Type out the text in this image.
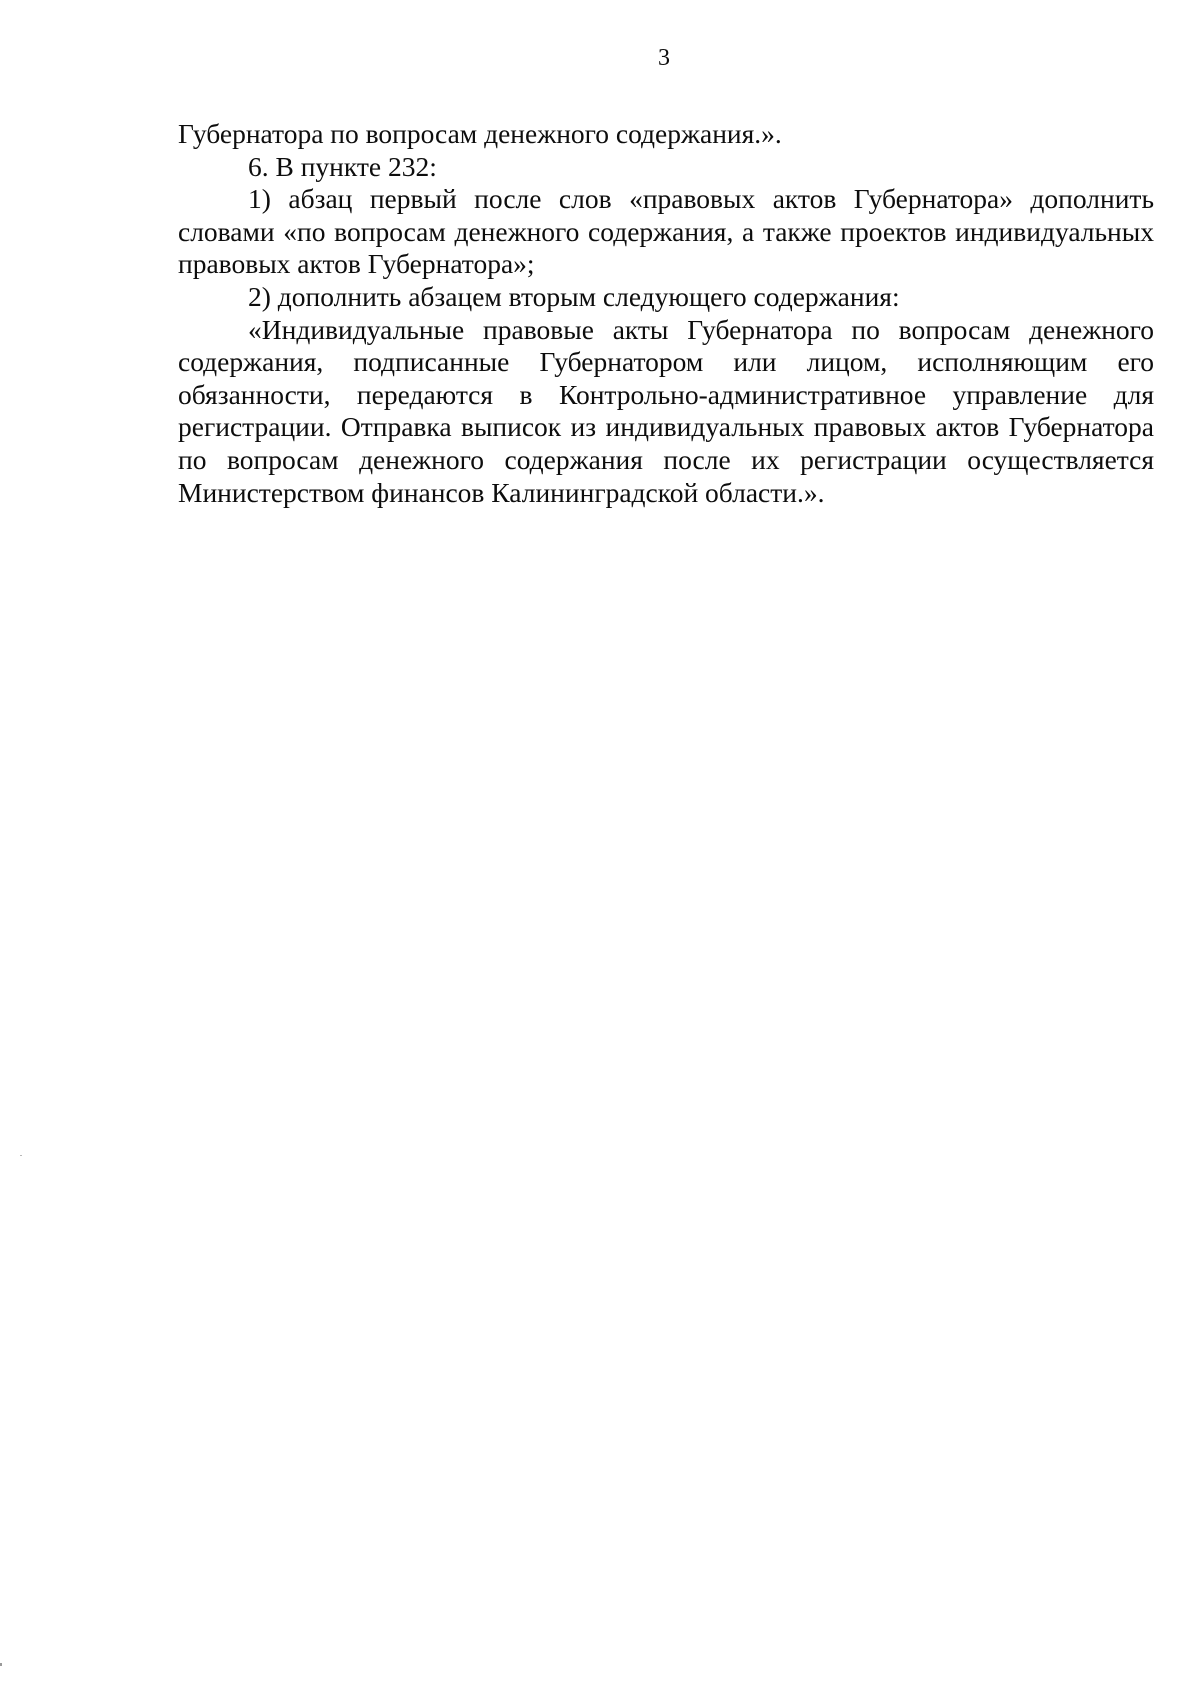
3

Губернатора по вопросам денежного содержания.».

6. В пункте 232:

1) абзац первый после слов «правовых актов Губернатора» дополнить словами «по вопросам денежного содержания, а также проектов индивидуальных правовых актов Губернатора»;

2) дополнить абзацем вторым следующего содержания:

«Индивидуальные правовые акты Губернатора по вопросам денежного содержания, подписанные Губернатором или лицом, исполняющим его обязанности, передаются в Контрольно-административное управление для регистрации. Отправка выписок из индивидуальных правовых актов Губернатора по вопросам денежного содержания после их регистрации осуществляется Министерством финансов Калининградской области.».
